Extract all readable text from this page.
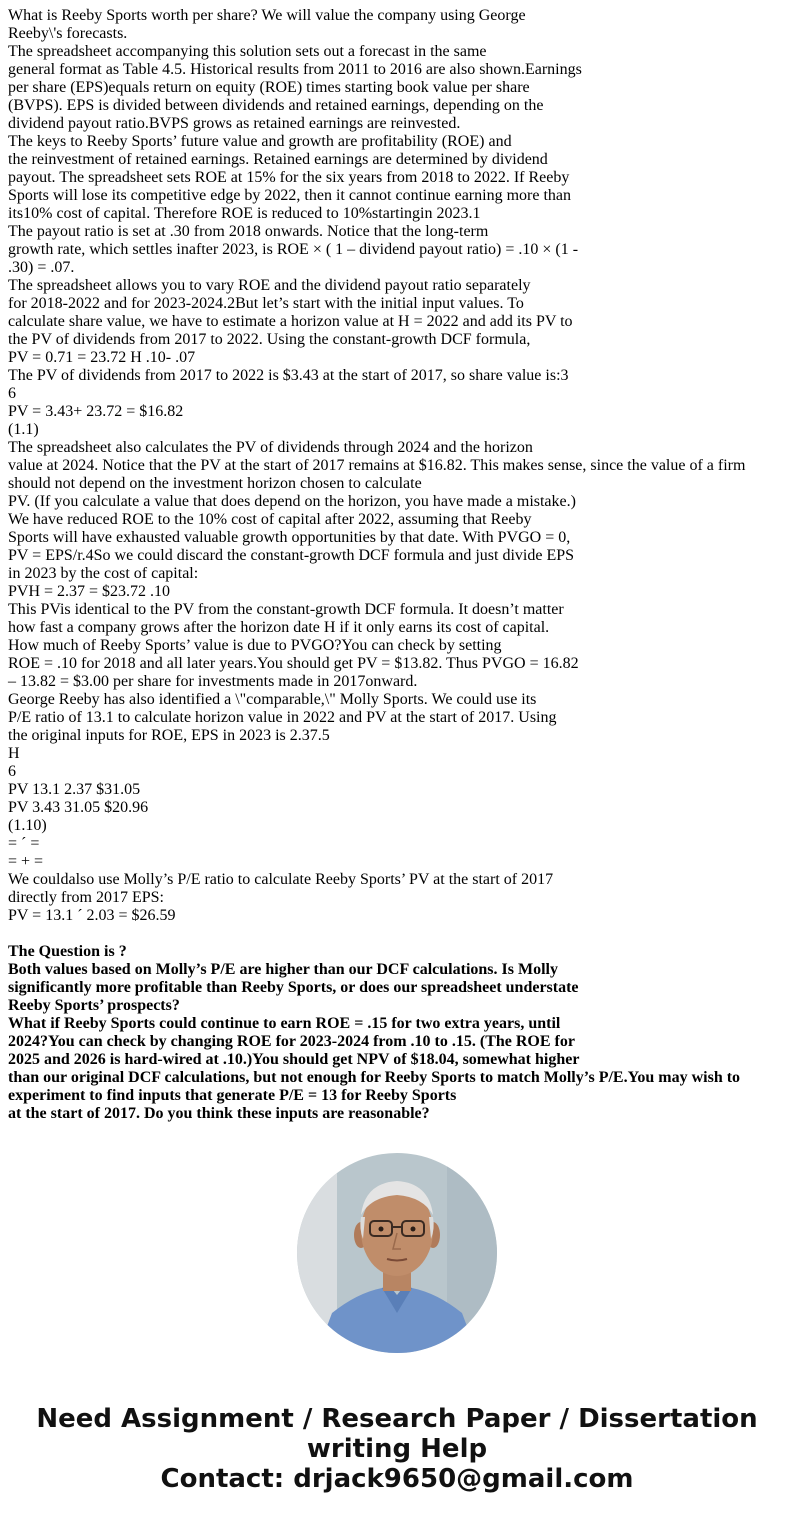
What is Reeby Sports worth per share? We will value the company using George
Reeby\'s forecasts.
The spreadsheet accompanying this solution sets out a forecast in the same
general format as Table 4.5. Historical results from 2011 to 2016 are also shown.Earnings
per share (EPS)equals return on equity (ROE) times starting book value per share
(BVPS). EPS is divided between dividends and retained earnings, depending on the
dividend payout ratio.BVPS grows as retained earnings are reinvested.
The keys to Reeby Sports’ future value and growth are profitability (ROE) and
the reinvestment of retained earnings. Retained earnings are determined by dividend
payout. The spreadsheet sets ROE at 15% for the six years from 2018 to 2022. If Reeby
Sports will lose its competitive edge by 2022, then it cannot continue earning more than
its10% cost of capital. Therefore ROE is reduced to 10%startingin 2023.1
The payout ratio is set at .30 from 2018 onwards. Notice that the long-term
growth rate, which settles inafter 2023, is ROE × ( 1 – dividend payout ratio) = .10 × (1 -
.30) = .07.
The spreadsheet allows you to vary ROE and the dividend payout ratio separately
for 2018-2022 and for 2023-2024.2But let’s start with the initial input values. To
calculate share value, we have to estimate a horizon value at H = 2022 and add its PV to
the PV of dividends from 2017 to 2022. Using the constant-growth DCF formula,
PV = 0.71 = 23.72 H .10- .07
The PV of dividends from 2017 to 2022 is $3.43 at the start of 2017, so share value is:3
6
PV = 3.43+ 23.72 = $16.82
(1.1)
The spreadsheet also calculates the PV of dividends through 2024 and the horizon
value at 2024. Notice that the PV at the start of 2017 remains at $16.82. This makes sense, since the value of a firm
should not depend on the investment horizon chosen to calculate
PV. (If you calculate a value that does depend on the horizon, you have made a mistake.)
We have reduced ROE to the 10% cost of capital after 2022, assuming that Reeby
Sports will have exhausted valuable growth opportunities by that date. With PVGO = 0,
PV = EPS/r.4So we could discard the constant-growth DCF formula and just divide EPS
in 2023 by the cost of capital:
PVH = 2.37 = $23.72 .10
This PVis identical to the PV from the constant-growth DCF formula. It doesn’t matter
how fast a company grows after the horizon date H if it only earns its cost of capital.
How much of Reeby Sports’ value is due to PVGO?You can check by setting
ROE = .10 for 2018 and all later years.You should get PV = $13.82. Thus PVGO = 16.82
– 13.82 = $3.00 per share for investments made in 2017onward.
George Reeby has also identified a \"comparable,\" Molly Sports. We could use its
P/E ratio of 13.1 to calculate horizon value in 2022 and PV at the start of 2017. Using
the original inputs for ROE, EPS in 2023 is 2.37.5
H
6
PV 13.1 2.37 $31.05
PV 3.43 31.05 $20.96
(1.10)
= ´ =
= + =
We couldalso use Molly’s P/E ratio to calculate Reeby Sports’ PV at the start of 2017
directly from 2017 EPS:
PV = 13.1 ´ 2.03 = $26.59
The Question is ?
Both values based on Molly’s P/E are higher than our DCF calculations. Is Molly
significantly more profitable than Reeby Sports, or does our spreadsheet understate
Reeby Sports’ prospects?
What if Reeby Sports could continue to earn ROE = .15 for two extra years, until
2024?You can check by changing ROE for 2023-2024 from .10 to .15. (The ROE for
2025 and 2026 is hard-wired at .10.)You should get NPV of $18.04, somewhat higher
than our original DCF calculations, but not enough for Reeby Sports to match Molly’s P/E.You may wish to
experiment to find inputs that generate P/E = 13 for Reeby Sports
at the start of 2017. Do you think these inputs are reasonable?
Need Assignment / Research Paper / Dissertation
writing Help
Contact: drjack9650@gmail.com
